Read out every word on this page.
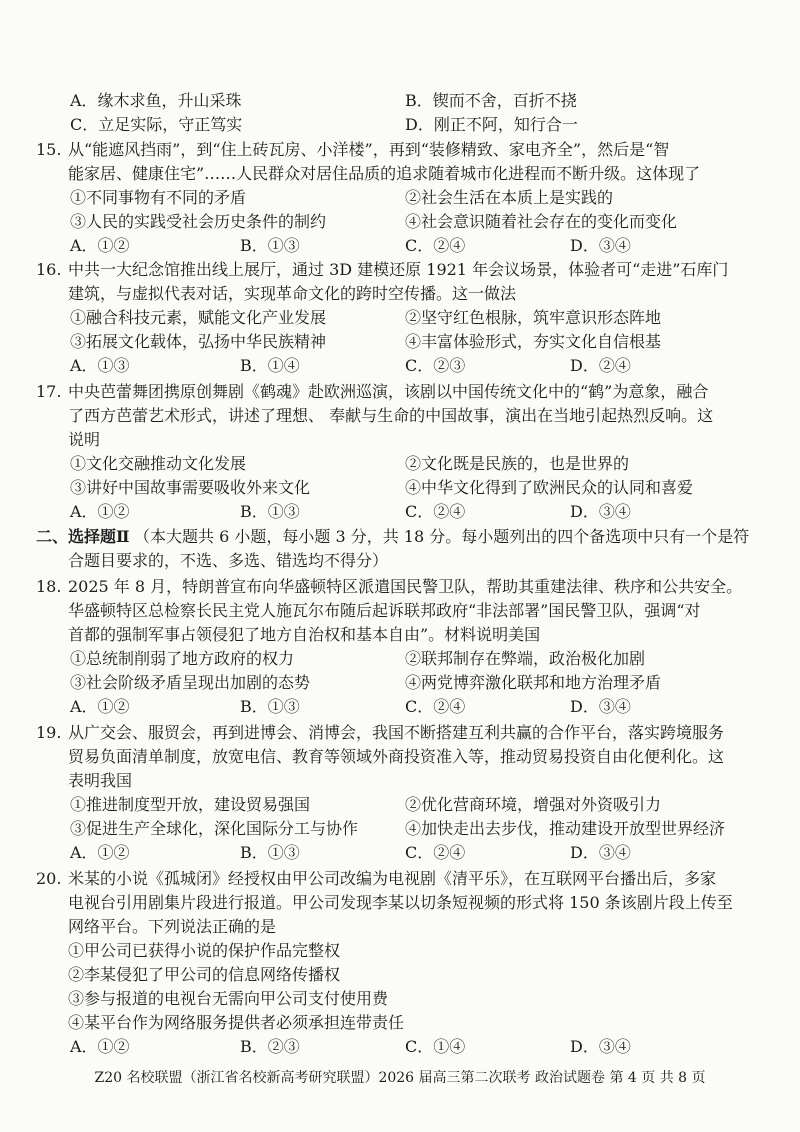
A．缘木求鱼，升山采珠	B．锲而不舍，百折不挠
C．立足实际，守正笃实	D．刚正不阿，知行合一
15. 从“能遮风挡雨”，到“住上砖瓦房、小洋楼”，再到“装修精致、家电齐全”，然后是“智
能家居、健康住宅”……人民群众对居住品质的追求随着城市化进程而不断升级。这体现了
①不同事物有不同的矛盾	②社会生活在本质上是实践的
③人民的实践受社会历史条件的制约	④社会意识随着社会存在的变化而变化
A．①②	B．①③	C．②④	D．③④
16. 中共一大纪念馆推出线上展厅，通过 3D 建模还原 1921 年会议场景，体验者可“走进”石库门
建筑，与虚拟代表对话，实现革命文化的跨时空传播。这一做法
①融合科技元素，赋能文化产业发展	②坚守红色根脉，筑牢意识形态阵地
③拓展文化载体，弘扬中华民族精神	④丰富体验形式，夯实文化自信根基
A．①③	B．①④	C．②③	D．②④
17. 中央芭蕾舞团携原创舞剧《鹤魂》赴欧洲巡演，该剧以中国传统文化中的“鹤”为意象，融合
了西方芭蕾艺术形式，讲述了理想、 奉献与生命的中国故事，演出在当地引起热烈反响。这
说明
①文化交融推动文化发展	②文化既是民族的，也是世界的
③讲好中国故事需要吸收外来文化	④中华文化得到了欧洲民众的认同和喜爱
A．①②	B．①③	C．②④	D．③④
二、选择题Ⅱ （本大题共 6 小题，每小题 3 分，共 18 分。每小题列出的四个备选项中只有一个是符
合题目要求的，不选、多选、错选均不得分）
18. 2025 年 8 月，特朗普宣布向华盛顿特区派遣国民警卫队，帮助其重建法律、秩序和公共安全。
华盛顿特区总检察长民主党人施瓦尔布随后起诉联邦政府“非法部署”国民警卫队，强调“对
首都的强制军事占领侵犯了地方自治权和基本自由”。材料说明美国
①总统制削弱了地方政府的权力	②联邦制存在弊端，政治极化加剧
③社会阶级矛盾呈现出加剧的态势	④两党博弈激化联邦和地方治理矛盾
A．①②	B．①③	C．②④	D．③④
19. 从广交会、服贸会，再到进博会、消博会，我国不断搭建互利共赢的合作平台，落实跨境服务
贸易负面清单制度，放宽电信、教育等领域外商投资准入等，推动贸易投资自由化便利化。这
表明我国
①推进制度型开放，建设贸易强国	②优化营商环境，增强对外资吸引力
③促进生产全球化，深化国际分工与协作	④加快走出去步伐，推动建设开放型世界经济
A．①②	B．①③	C．②④	D．③④
20. 米某的小说《孤城闭》经授权由甲公司改编为电视剧《清平乐》，在互联网平台播出后，多家
电视台引用剧集片段进行报道。甲公司发现李某以切条短视频的形式将 150 条该剧片段上传至
网络平台。下列说法正确的是
①甲公司已获得小说的保护作品完整权
②李某侵犯了甲公司的信息网络传播权
③参与报道的电视台无需向甲公司支付使用费
④某平台作为网络服务提供者必须承担连带责任
A．①②	B．②③	C．①④	D．③④
Z20 名校联盟（浙江省名校新高考研究联盟）2026 届高三第二次联考 政治试题卷 第 4 页 共 8 页
